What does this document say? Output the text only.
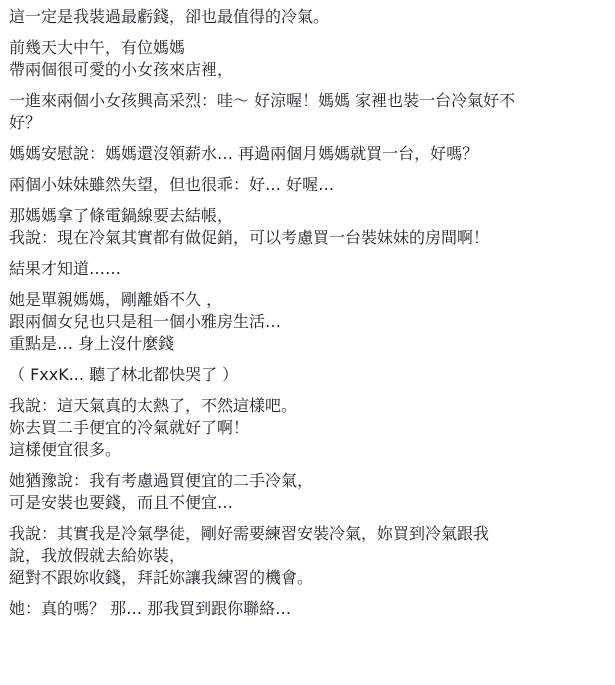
這一定是我裝過最虧錢，卻也最值得的冷氣。
前幾天大中午，有位媽媽
帶兩個很可愛的小女孩來店裡，
一進來兩個小女孩興高采烈：哇～ 好涼喔！媽媽 家裡也裝一台冷氣好不
好？
媽媽安慰說：媽媽還沒領薪水… 再過兩個月媽媽就買一台，好嗎？
兩個小妹妹雖然失望，但也很乖：好… 好喔…
那媽媽拿了條電鍋線要去結帳，
我說：現在冷氣其實都有做促銷，可以考慮買一台裝妹妹的房間啊！
結果才知道……
她是單親媽媽，剛離婚不久 ，
跟兩個女兒也只是租一個小雅房生活…
重點是… 身上沒什麼錢
（ FxxK... 聽了林北都快哭了 ）
我說：這天氣真的太熱了，不然這樣吧。
妳去買二手便宜的冷氣就好了啊！
這樣便宜很多。
她猶豫說：我有考慮過買便宜的二手冷氣，
可是安裝也要錢，而且不便宜…
我說：其實我是冷氣學徒，剛好需要練習安裝冷氣，妳買到冷氣跟我
說，我放假就去給妳裝，
絕對不跟妳收錢，拜託妳讓我練習的機會。
她：真的嗎？ 那… 那我買到跟你聯絡…
